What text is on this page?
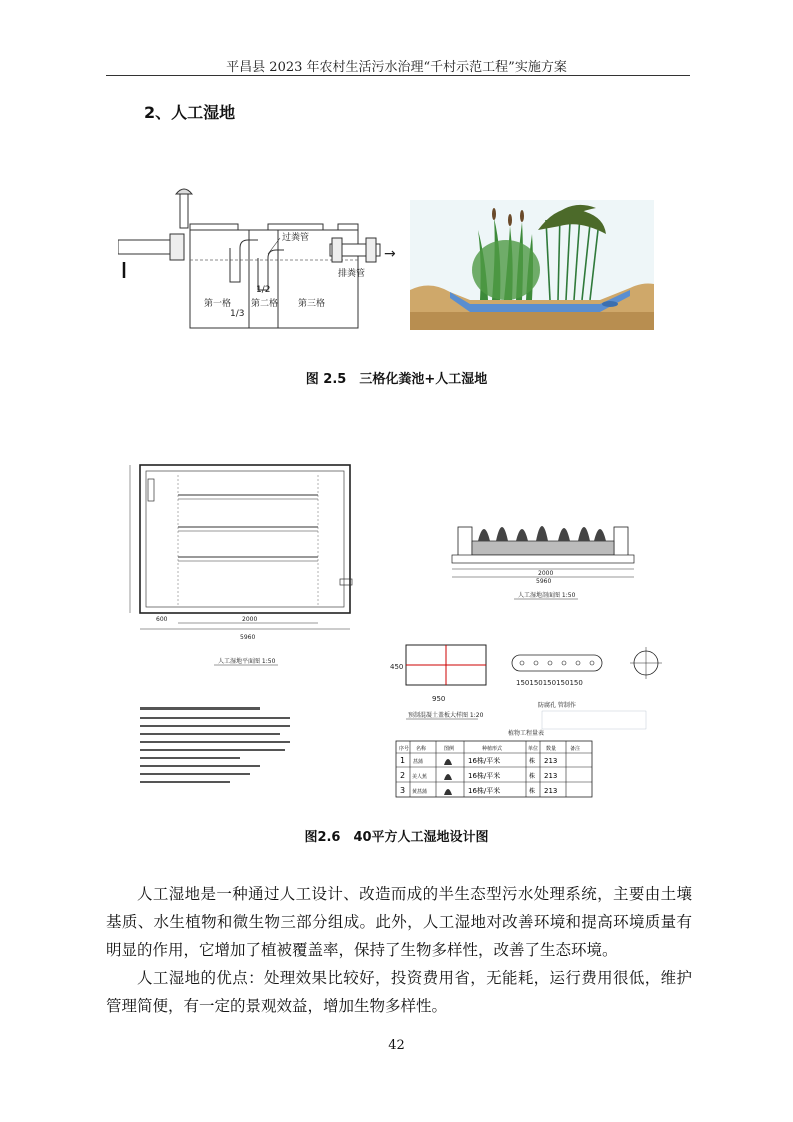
平昌县 2023 年农村生活污水治理“千村示范工程”实施方案
2、人工湿地
过粪管
1/2
1/3
第一格 第二格 第三格
排粪管
→
图 2.5　三格化粪池+人工湿地
2000
5960
600
人工湿地平面图 1:50
2000
5960
人工湿地剖面图 1:50
950
450
预制混凝土盖板大样图 1:20
150150150150150
防腐孔 管制作
植物工程量表
序号 名称	图例	种植形式	单位 数量	备注
1 菖蒲	16株/平米	株 213
2 美人蕉	16株/平米	株 213
3 黄菖蒲	16株/平米	株 213
图2.6　40平方人工湿地设计图

人工湿地是一种通过人工设计、改造而成的半生态型污水处理系统，主要由土壤基质、水生植物和微生物三部分组成。此外，人工湿地对改善环境和提高环境质量有明显的作用，它增加了植被覆盖率，保持了生物多样性，改善了生态环境。

人工湿地的优点：处理效果比较好，投资费用省，无能耗，运行费用很低，维护管理简便，有一定的景观效益，增加生物多样性。

42
